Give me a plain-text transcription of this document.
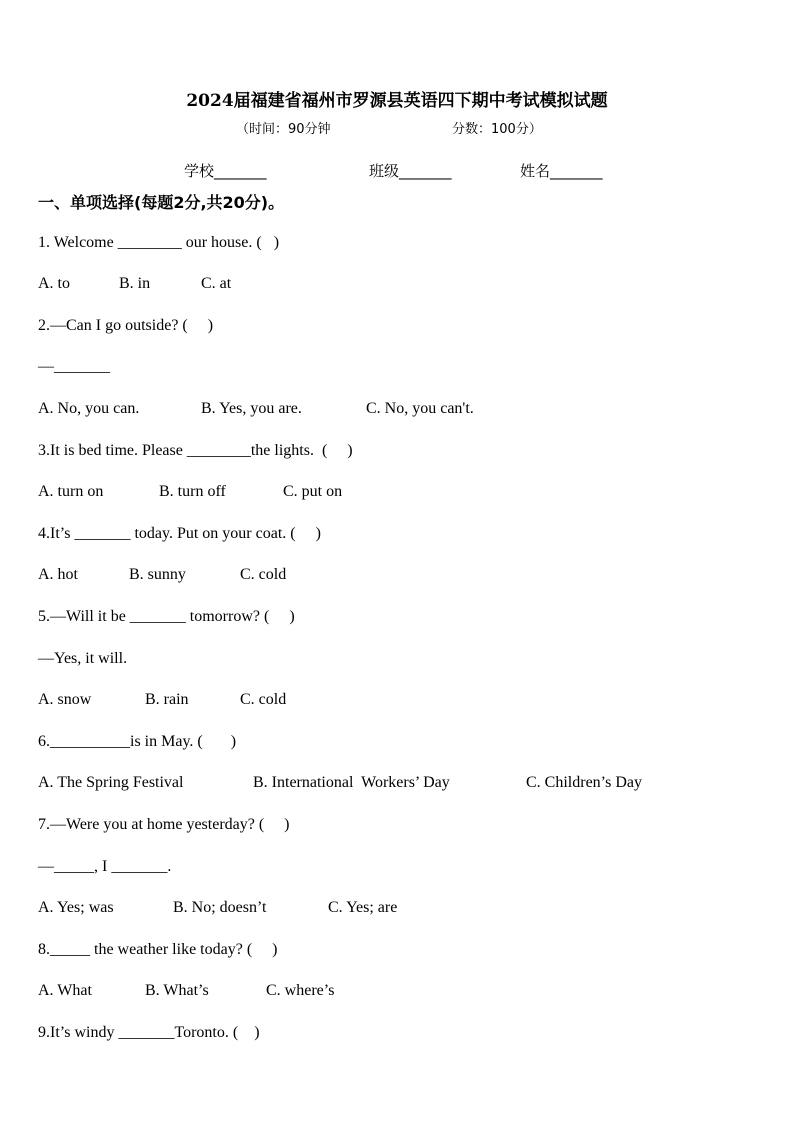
2024届福建省福州市罗源县英语四下期中考试模拟试题
（时间：90分钟	分数：100分）
学校_______	班级_______	姓名_______
一、单项选择(每题2分,共20分)。
1. Welcome ________ our house. (   )
A. to	B. in	C. at
2.—Can I go outside? (     )
—_______
A. No, you can.	B. Yes, you are.	C. No, you can't.
3.It is bed time. Please ________the lights.  (     )
A. turn on	B. turn off	C. put on
4.It’s _______ today. Put on your coat. (     )
A. hot	B. sunny	C. cold
5.—Will it be _______ tomorrow? (     )
—Yes, it will.
A. snow	B. rain	C. cold
6.__________is in May. (       )
A. The Spring Festival	B. International  Workers’ Day	C. Children’s Day
7.—Were you at home yesterday? (     )
—_____, I _______.
A. Yes; was	B. No; doesn’t	C. Yes; are
8._____ the weather like today? (     )
A. What	B. What’s	C. where’s
9.It’s windy _______Toronto. (    )
